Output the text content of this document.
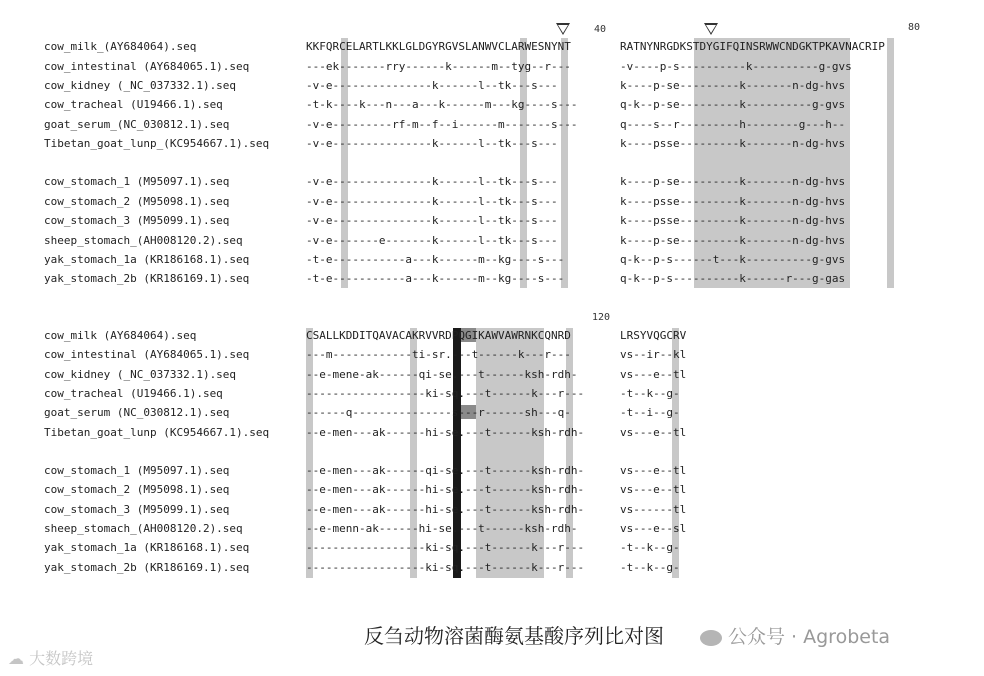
40	80
120
cow_milk_(AY684064).seq	KKFQRCELARTLKKLGLDGYRGVSLANWVCLARWESNYNT	RATNYNRGDKSTDYGIFQINSRWWCNDGKTPKAVNACRIP
cow_intestinal (AY684065.1).seq	---ek-------rry------k------m--tyg--r---	-v----p-s----------k----------g-gvs
cow_kidney (_NC_037332.1).seq	-v-e---------------k------l--tk---s---	k----p-se---------k-------n-dg-hvs
cow_tracheal (U19466.1).seq	-t-k----k---n---a---k------m---kg----s---	q-k--p-se---------k----------g-gvs
goat_serum_(NC_030812.1).seq	-v-e---------rf-m--f--i------m-------s---	q----s--r---------h--------g---h--
Tibetan_goat_lunp_(KC954667.1).seq	-v-e---------------k------l--tk---s---	k----psse---------k-------n-dg-hvs
cow_stomach_1 (M95097.1).seq	-v-e---------------k------l--tk---s---	k----p-se---------k-------n-dg-hvs
cow_stomach_2 (M95098.1).seq	-v-e---------------k------l--tk---s---	k----psse---------k-------n-dg-hvs
cow_stomach_3 (M95099.1).seq	-v-e---------------k------l--tk---s---	k----psse---------k-------n-dg-hvs
sheep_stomach_(AH008120.2).seq	-v-e-------e-------k------l--tk---s---	k----p-se---------k-------n-dg-hvs
yak_stomach_1a (KR186168.1).seq	-t-e-----------a---k------m--kg----s---	q-k--p-s------t---k----------g-gvs
yak_stomach_2b (KR186169.1).seq	-t-e-----------a---k------m--kg----s---	q-k--p-s----------k------r---g-gas
cow_milk (AY684064).seq	CSALLKDDITQAVACAKRVVRDPQGIKAWVAWRNKCQNRD	LRSYVQGCRV
cow_intestinal (AY684065.1).seq	---m------------ti-sr.---t------k---r---	vs--ir--kl
cow_kidney (_NC_037332.1).seq	--e-mene-ak------qi-se.---t------ksh-rdh-	vs---e--tl
cow_tracheal (U19466.1).seq	------------------ki-sq.---t------k---r---	-t--k--g-
goat_serum (NC_030812.1).seq	------q---------------s---r------sh---q-	-t--i--g-
Tibetan_goat_lunp (KC954667.1).seq	--e-men---ak------hi-se.---t------ksh-rdh-	vs---e--tl
cow_stomach_1 (M95097.1).seq	--e-men---ak------qi-se.---t------ksh-rdh-	vs---e--tl
cow_stomach_2 (M95098.1).seq	--e-men---ak------hi-se.---t------ksh-rdh-	vs---e--tl
cow_stomach_3 (M95099.1).seq	--e-men---ak------hi-se.---t------ksh-rdh-	vs------tl
sheep_stomach_(AH008120.2).seq	--e-menn-ak------hi-se.---t------ksh-rdh-	vs---e--sl
yak_stomach_1a (KR186168.1).seq	------------------ki-sq.---t------k---r---	-t--k--g-
yak_stomach_2b (KR186169.1).seq	------------------ki-sq.---t------k---r---	-t--k--g-
反刍动物溶菌酶氨基酸序列比对图	公众号 · Agrobeta
☁ 大数跨境
